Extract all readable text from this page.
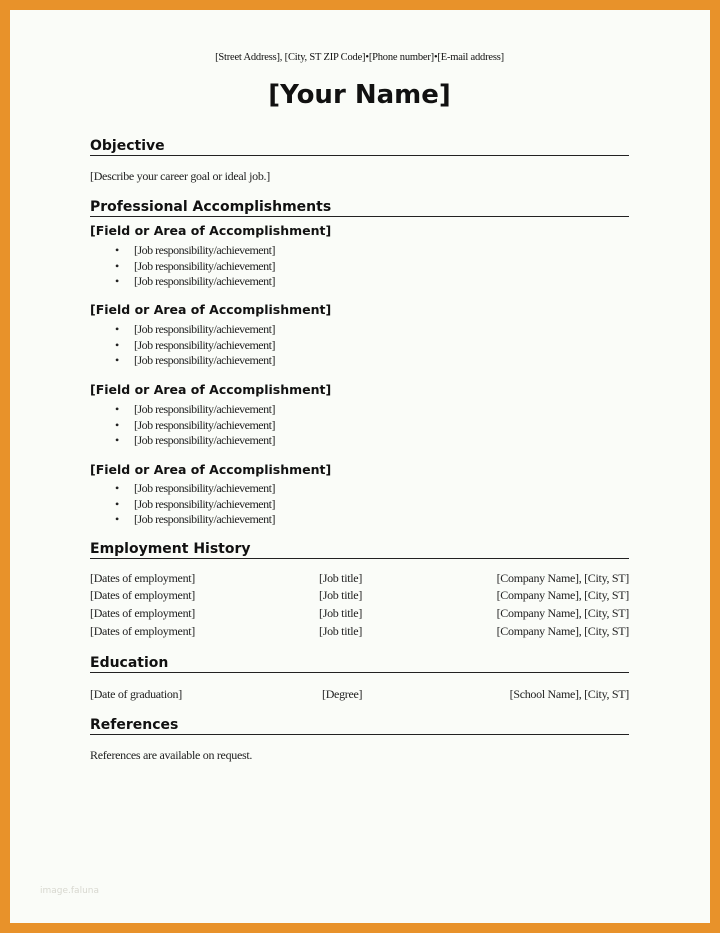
[Street Address], [City, ST ZIP Code]•[Phone number]•[E-mail address]
[Your Name]
Objective
[Describe your career goal or ideal job.]
Professional Accomplishments
[Field or Area of Accomplishment]
• [Job responsibility/achievement]
• [Job responsibility/achievement]
• [Job responsibility/achievement]
[Field or Area of Accomplishment]
• [Job responsibility/achievement]
• [Job responsibility/achievement]
• [Job responsibility/achievement]
[Field or Area of Accomplishment]
• [Job responsibility/achievement]
• [Job responsibility/achievement]
• [Job responsibility/achievement]
[Field or Area of Accomplishment]
• [Job responsibility/achievement]
• [Job responsibility/achievement]
• [Job responsibility/achievement]
Employment History
[Dates of employment]	[Job title]	[Company Name], [City, ST]
[Dates of employment]	[Job title]	[Company Name], [City, ST]
[Dates of employment]	[Job title]	[Company Name], [City, ST]
[Dates of employment]	[Job title]	[Company Name], [City, ST]
Education
[Date of graduation]	[Degree]	[School Name], [City, ST]
References
References are available on request.
image.faluna
